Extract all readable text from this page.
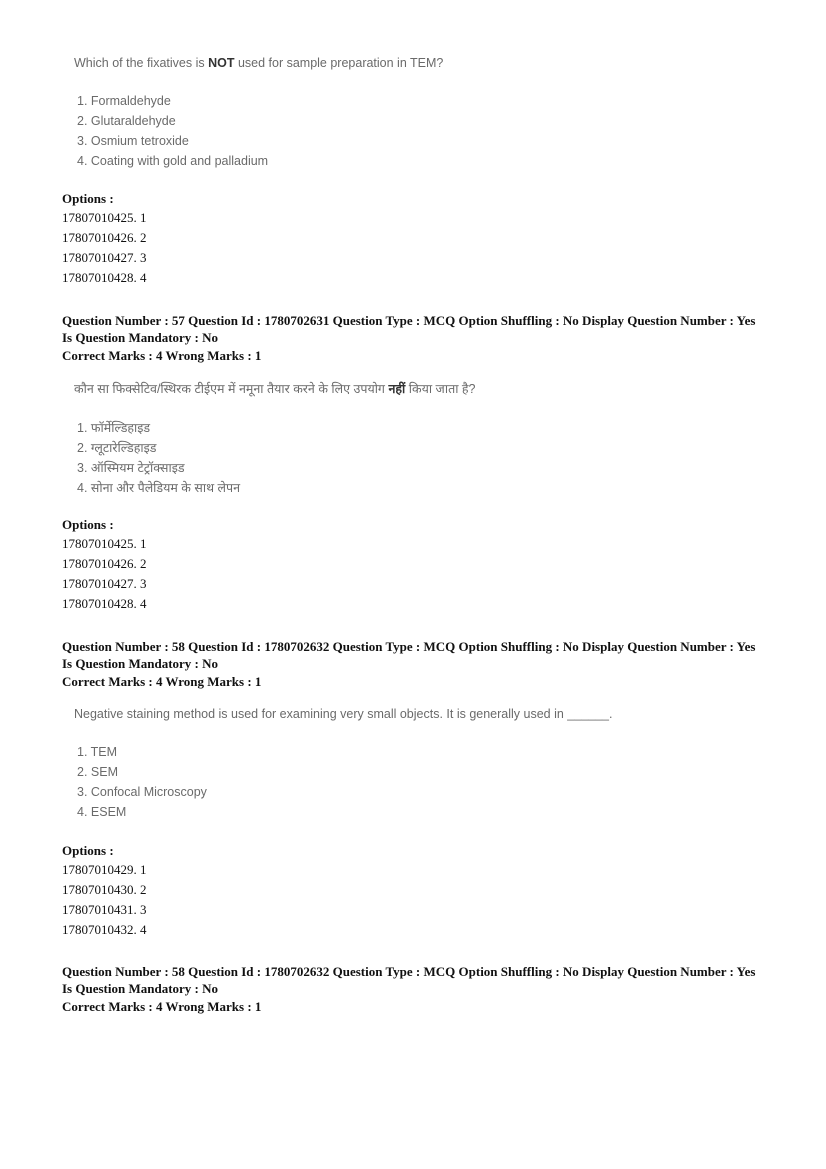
Which of the fixatives is NOT used for sample preparation in TEM?

1. Formaldehyde
2. Glutaraldehyde
3. Osmium tetroxide
4. Coating with gold and palladium
Options :
17807010425. 1
17807010426. 2
17807010427. 3
17807010428. 4
Question Number : 57 Question Id : 1780702631 Question Type : MCQ Option Shuffling : No Display Question Number : Yes
Is Question Mandatory : No
Correct Marks : 4 Wrong Marks : 1

कौन सा फिक्सेटिव/स्थिरक टीईएम में नमूना तैयार करने के लिए उपयोग नहीं किया जाता है?

1. फॉर्मेल्डिहाइड
2. ग्लूटारेल्डिहाइड
3. ऑस्मियम टेट्रॉक्साइड
4. सोना और पैलेडियम के साथ लेपन
Options :
17807010425. 1
17807010426. 2
17807010427. 3
17807010428. 4
Question Number : 58 Question Id : 1780702632 Question Type : MCQ Option Shuffling : No Display Question Number : Yes
Is Question Mandatory : No
Correct Marks : 4 Wrong Marks : 1

Negative staining method is used for examining very small objects. It is generally used in ______.

1. TEM
2. SEM
3. Confocal Microscopy
4. ESEM
Options :
17807010429. 1
17807010430. 2
17807010431. 3
17807010432. 4
Question Number : 58 Question Id : 1780702632 Question Type : MCQ Option Shuffling : No Display Question Number : Yes
Is Question Mandatory : No
Correct Marks : 4 Wrong Marks : 1
